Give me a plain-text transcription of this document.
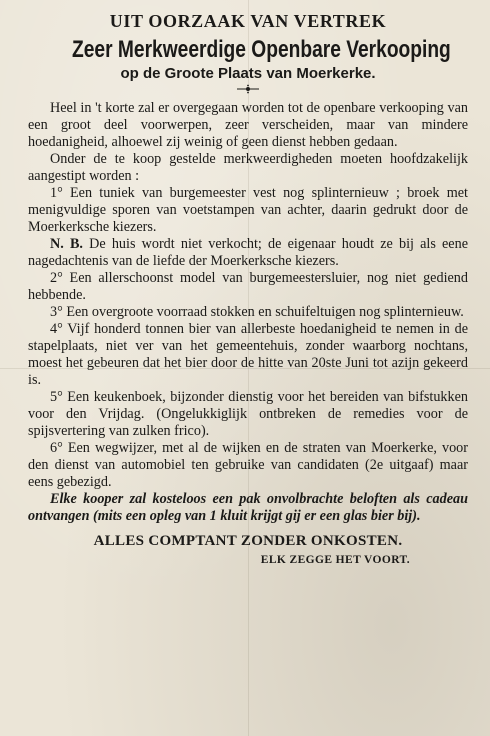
UIT OORZAAK VAN VERTREK
Zeer Merkweerdige Openbare Verkooping
op de Groote Plaats van Moerkerke.

Heel in 't korte zal er overgegaan worden tot de openbare verkooping van een groot deel voorwerpen, zeer verscheiden, maar van mindere hoedanigheid, alhoewel zij weinig of geen dienst hebben gedaan.

Onder de te koop gestelde merkweerdigheden moeten hoofdzakelijk aangestipt worden :

1° Een tuniek van burgemeester vest nog splinternieuw ; broek met menigvuldige sporen van voetstampen van achter, daarin gedrukt door de Moerkerksche kiezers.

N. B. De huis wordt niet verkocht; de eigenaar houdt ze bij als eene nagedachtenis van de liefde der Moerkerksche kiezers.

2° Een allerschoonst model van burgemeestersluier, nog niet gediend hebbende.

3° Een overgroote voorraad stokken en schuifeltuigen nog splinternieuw.

4° Vijf honderd tonnen bier van allerbeste hoedanigheid te nemen in de stapelplaats, niet ver van het gemeentehuis, zonder waarborg nochtans, moest het gebeuren dat het bier door de hitte van 20ste Juni tot azijn gekeerd is.

5° Een keukenboek, bijzonder dienstig voor het bereiden van bifstukken voor den Vrijdag. (Ongelukkiglijk ontbreken de remedies voor de spijsvertering van zulken frico).

6° Een wegwijzer, met al de wijken en de straten van Moerkerke, voor den dienst van automobiel ten gebruike van candidaten (2e uitgaaf) maar eens gebezigd.

Elke kooper zal kosteloos een pak onvolbrachte beloften als cadeau ontvangen (mits een opleg van 1 kluit krijgt gij er een glas bier bij).

ALLES COMPTANT ZONDER ONKOSTEN.
ELK ZEGGE HET VOORT.
